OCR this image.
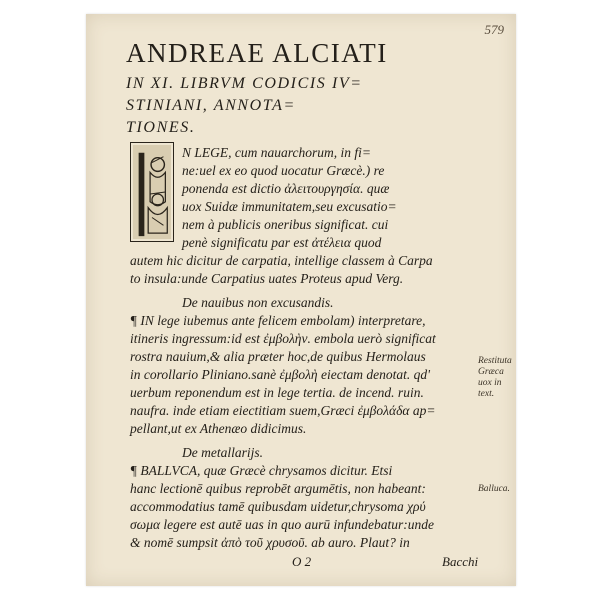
579
ANDREAE ALCIATI
IN XI. LIBRVM CODICIS IV=
STINIANI, ANNOTA=
TIONES.
N LEGE, cum nauarchorum, in fi=
ne:uel ex eo quod uocatur Græcè.) re
ponenda est dictio ἀλειτουργησία. quæ
uox Suidæ immunitatem,seu excusatio=
nem à publicis oneribus significat. cui
penè significatu par est ἀτέλεια quod
autem hic dicitur de carpatia, intellige classem à Carpa
to insula:unde Carpatius uates Proteus apud Verg.
De nauibus non excusandis.
¶ IN lege iubemus ante felicem embolam) interpretare,
itineris ingressum:id est ἐμβολὴν. embola uerò significat
rostra nauium,& alia præter hoc,de quibus Hermolaus
in corollario Pliniano.sanè ἐμβολὴ eiectam denotat. qd'
uerbum reponendum est in lege tertia. de incend. ruin.
naufra. inde etiam eiectitiam suem,Græci ἐμβολάδα ap=
pellant,ut ex Athenæo didicimus.
Restituta Græca uox in text.
De metallarijs.
¶ BALLVCA, quæ Græcè chrysamos dicitur. Etsi
hanc lectionē quibus reprobēt argumētis, non habeant:
accommodatius tamē quibusdam uidetur,chrysoma χρύ
σωμα legere est autē uas in quo aurū infundebatur:unde
& nomē sumpsit ἀπὸ τοῦ χρυσοῦ. ab auro. Plaut? in
Balluca.
O 2	Bacchi
